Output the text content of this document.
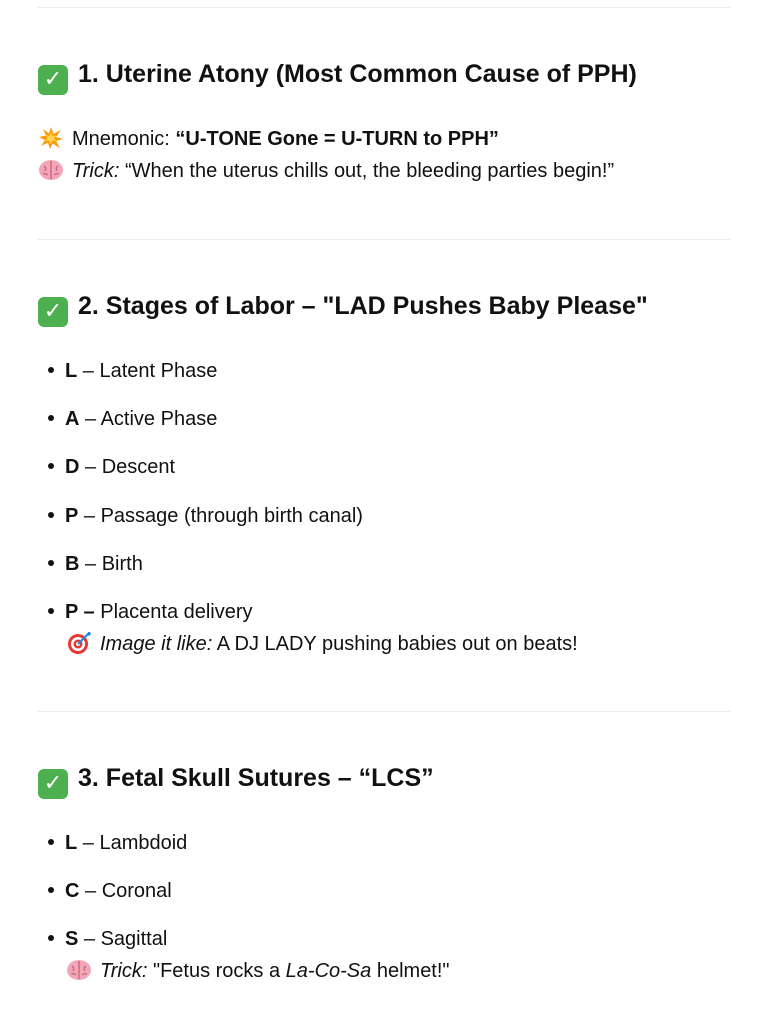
✓ 1. Uterine Atony (Most Common Cause of PPH)
Mnemonic: “U-TONE Gone = U-TURN to PPH”
Trick: “When the uterus chills out, the bleeding parties begin!”
✓ 2. Stages of Labor – "LAD Pushes Baby Please"
L – Latent Phase
A – Active Phase
D – Descent
P – Passage (through birth canal)
B – Birth
P – Placenta delivery
Image it like: A DJ LADY pushing babies out on beats!
✓ 3. Fetal Skull Sutures – “LCS”
L – Lambdoid
C – Coronal
S – Sagittal
Trick: "Fetus rocks a La-Co-Sa helmet!"
